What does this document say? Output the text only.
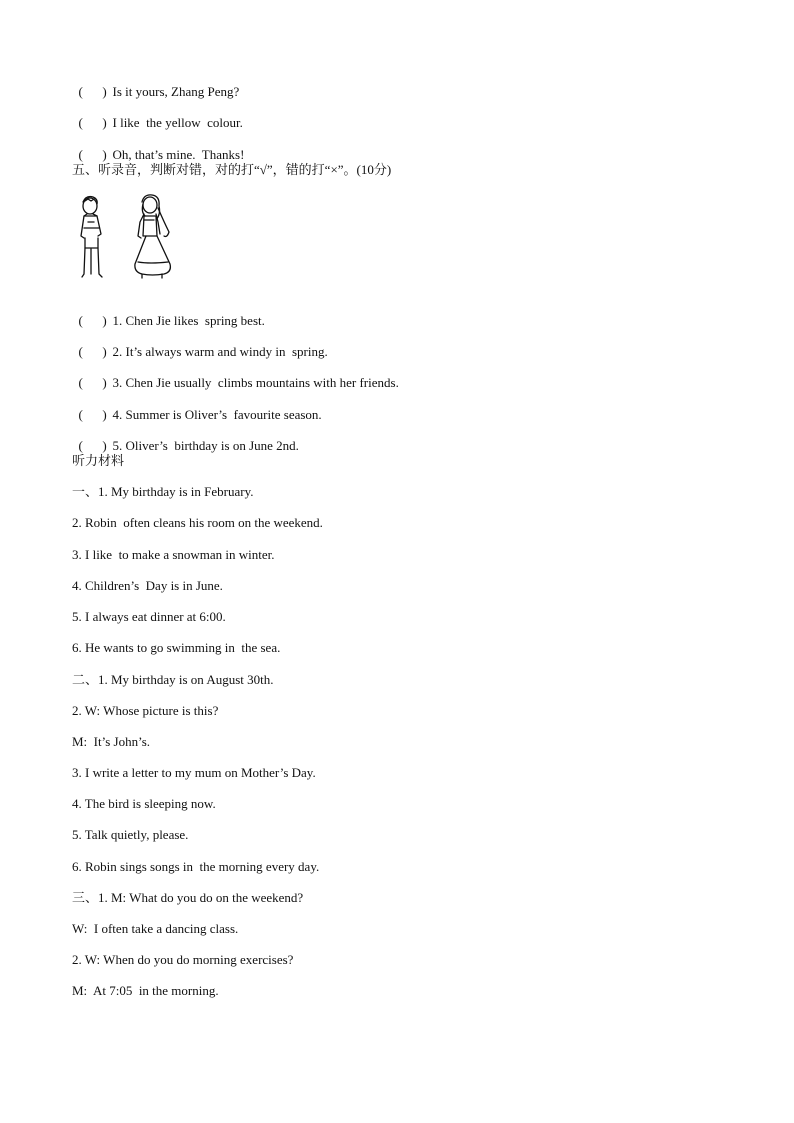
(      ) Is it yours, Zhang Peng?

(      ) I like  the yellow  colour.

(      ) Oh, that’s mine.  Thanks!

五、听录音，判断对错，对的打“√”，错的打“×”。(10分)

(      ) 1. Chen Jie likes  spring best.

(      ) 2. It’s always warm and windy in  spring.

(      ) 3. Chen Jie usually  climbs mountains with her friends.

(      ) 4. Summer is Oliver’s  favourite season.

(      ) 5. Oliver’s  birthday is on June 2nd.

听力材料
一、1. My birthday is in February.
2. Robin  often cleans his room on the weekend.
3. I like  to make a snowman in winter.
4. Children’s  Day is in June.
5. I always eat dinner at 6:00.
6. He wants to go swimming in  the sea.
二、1. My birthday is on August 30th.
2. W: Whose picture is this?
M:  It’s John’s.
3. I write a letter to my mum on Mother’s Day.
4. The bird is sleeping now.
5. Talk quietly, please.
6. Robin sings songs in  the morning every day.
三、1. M: What do you do on the weekend?
W:  I often take a dancing class.
2. W: When do you do morning exercises?
M:  At 7:05  in the morning.
